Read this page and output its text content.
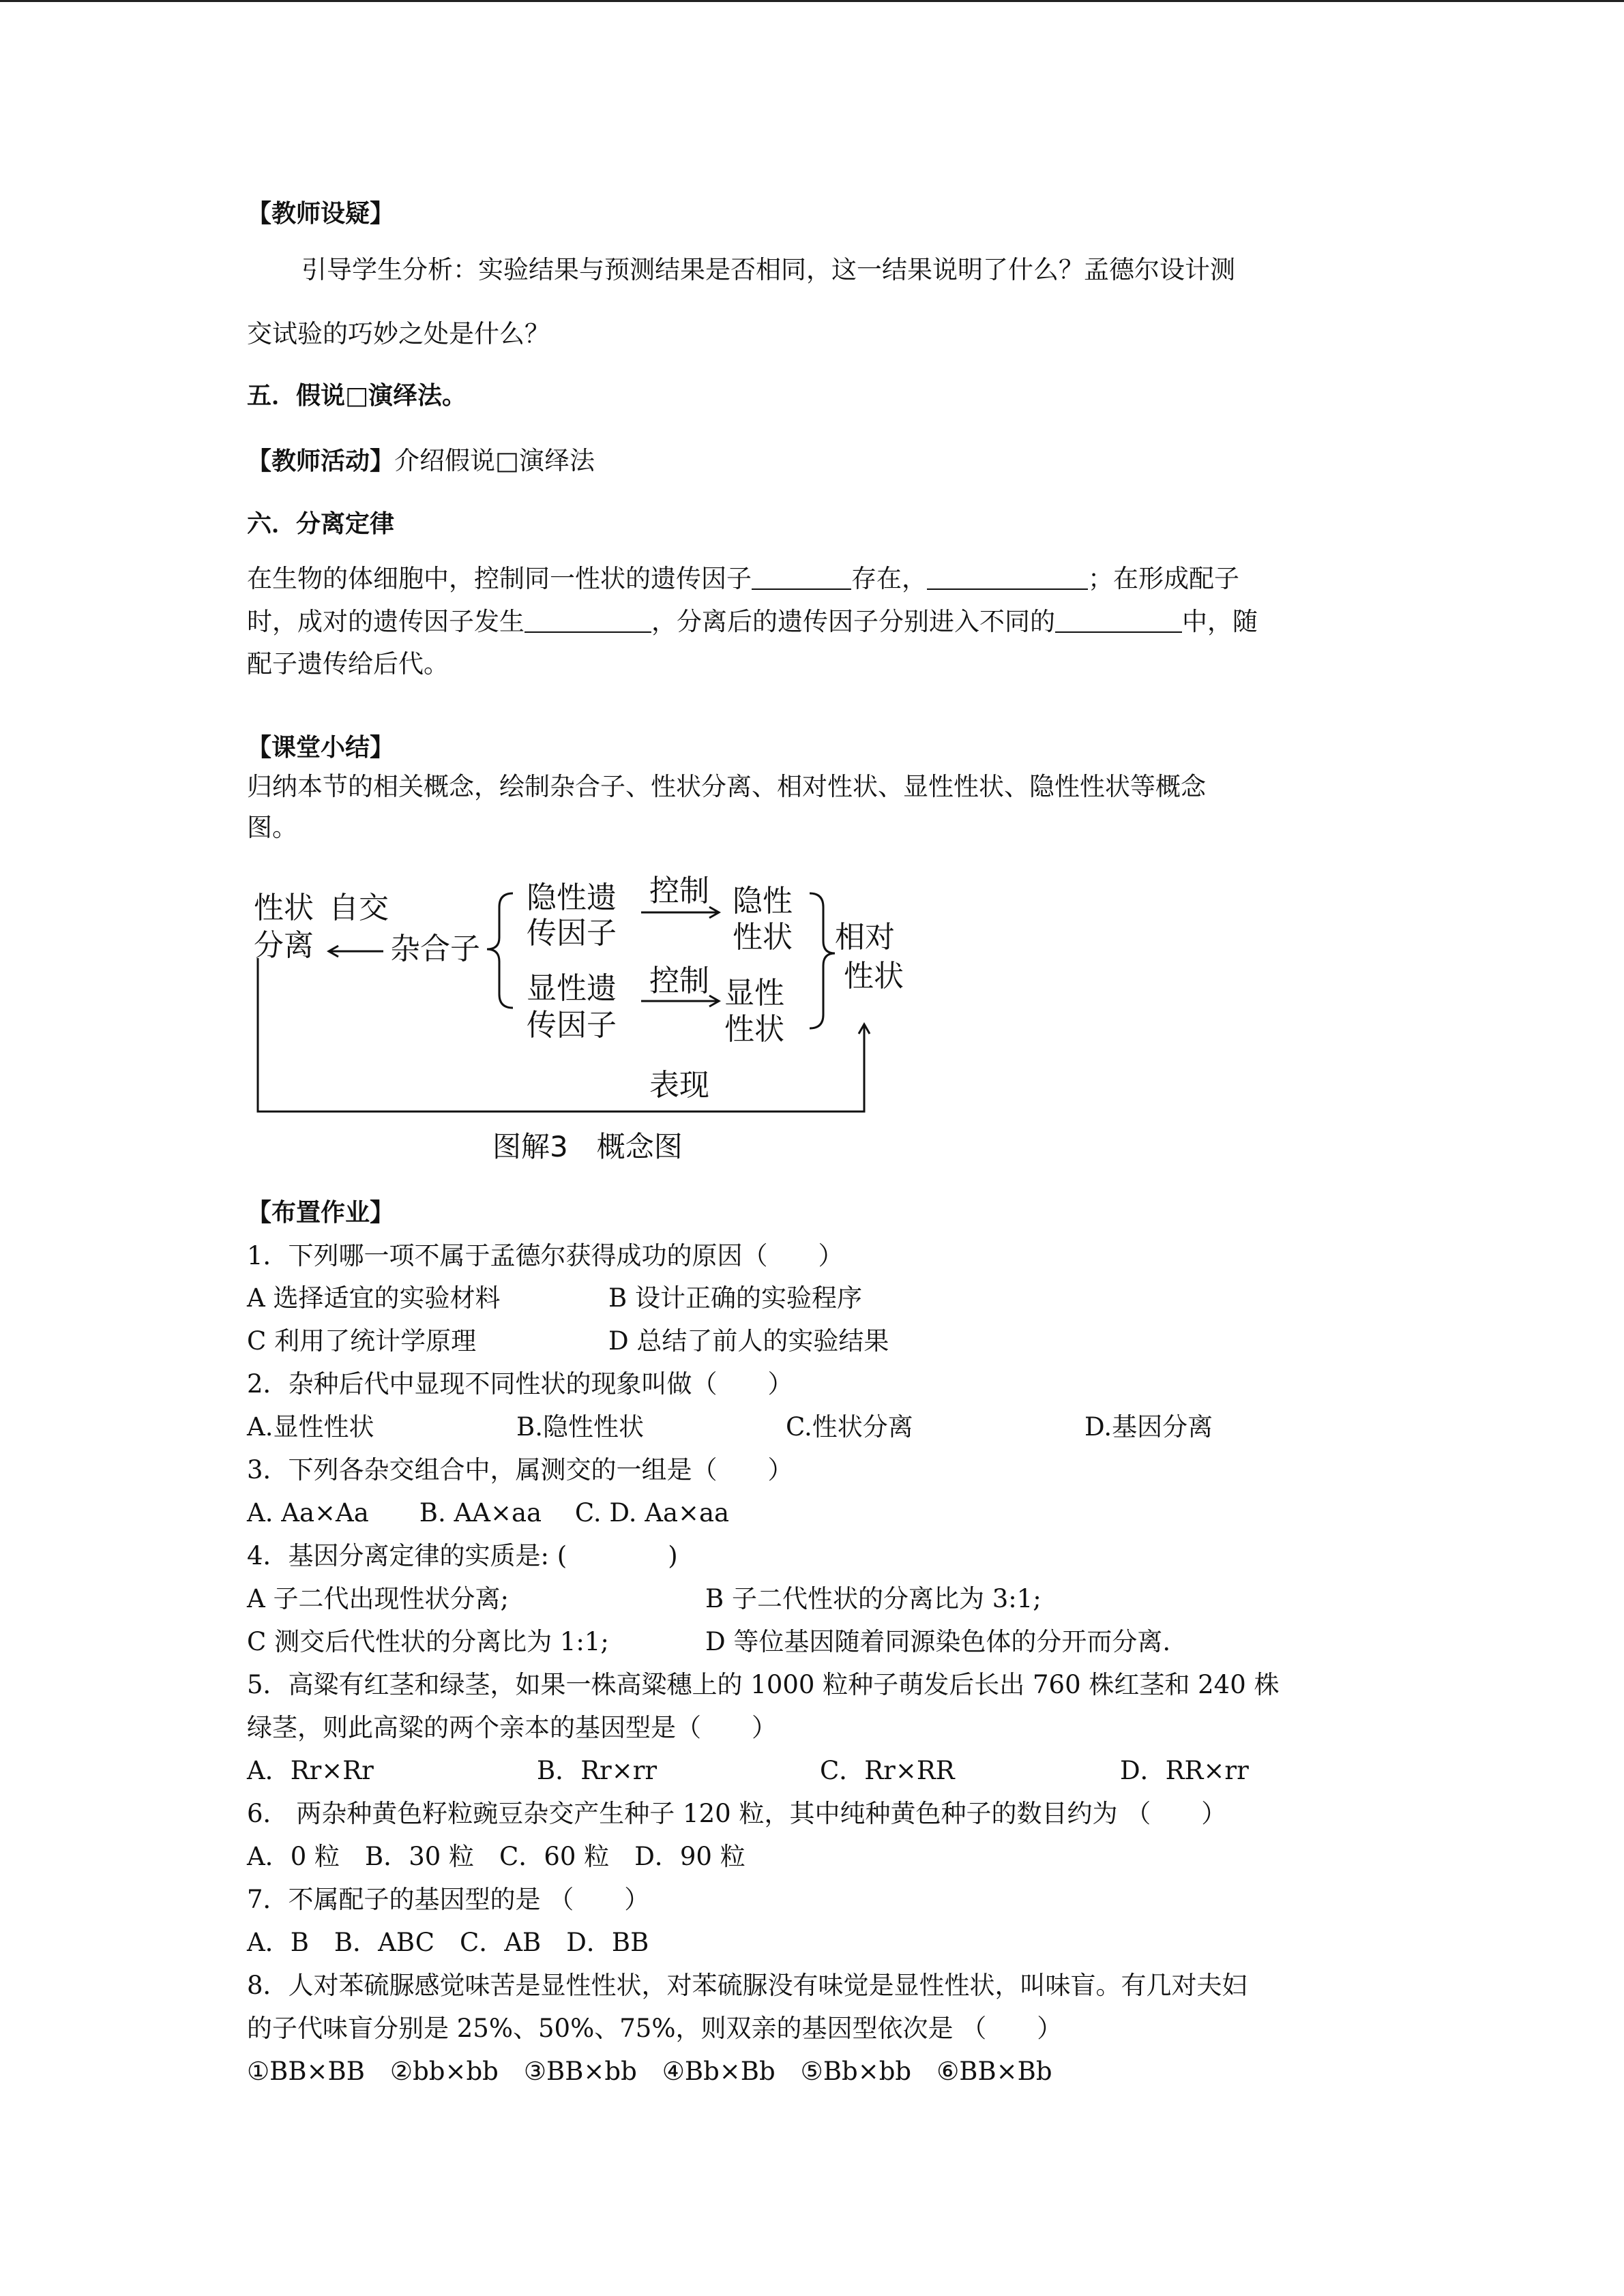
【教师设疑】
引导学生分析：实验结果与预测结果是否相同，这一结果说明了什么？孟德尔设计测
交试验的巧妙之处是什么？
五．假说□演绎法。
【教师活动】介绍假说□演绎法
六．分离定律
在生物的体细胞中，控制同一性状的遗传因子	存在，	；在形成配子
时，成对的遗传因子发生	，分离后的遗传因子分别进入不同的	中，随
配子遗传给后代。
【课堂小结】
归纳本节的相关概念，绘制杂合子、性状分离、相对性状、显性性状、隐性性状等概念
图。
性状
分离
自交
杂合子
隐性遗
传因子
控制 隐性
性状
显性遗
传因子
控制 显性
性状
相对
性状
表现
图解3　概念图
【布置作业】
1．下列哪一项不属于孟德尔获得成功的原因（　　）
A 选择适宜的实验材料	B 设计正确的实验程序
C 利用了统计学原理	D 总结了前人的实验结果
2．杂种后代中显现不同性状的现象叫做（　　）
A.显性性状	B.隐性性状	C.性状分离	D.基因分离
3．下列各杂交组合中，属测交的一组是（　　）
A. Aa×Aa　　B. AA×aa　 C. D. Aa×aa
4．基因分离定律的实质是: (　　　　)
A 子二代出现性状分离;	B 子二代性状的分离比为 3:1;
C 测交后代性状的分离比为 1:1;	D 等位基因随着同源染色体的分开而分离.
5．高粱有红茎和绿茎，如果一株高粱穗上的 1000 粒种子萌发后长出 760 株红茎和 240 株
绿茎，则此高粱的两个亲本的基因型是（　　）
A．Rr×Rr	B．Rr×rr	C．Rr×RR	D．RR×rr
6． 两杂种黄色籽粒豌豆杂交产生种子 120 粒，其中纯种黄色种子的数目约为 （　　）
A．0 粒　B．30 粒　C．60 粒　D．90 粒
7．不属配子的基因型的是 （　　）
A．B　B．ABC　C．AB　D．BB
8．人对苯硫脲感觉味苦是显性性状，对苯硫脲没有味觉是显性性状，叫味盲。有几对夫妇
的子代味盲分别是 25%、50%、75%，则双亲的基因型依次是 （　　）
①BB×BB　②bb×bb　③BB×bb　④Bb×Bb　⑤Bb×bb　⑥BB×Bb
